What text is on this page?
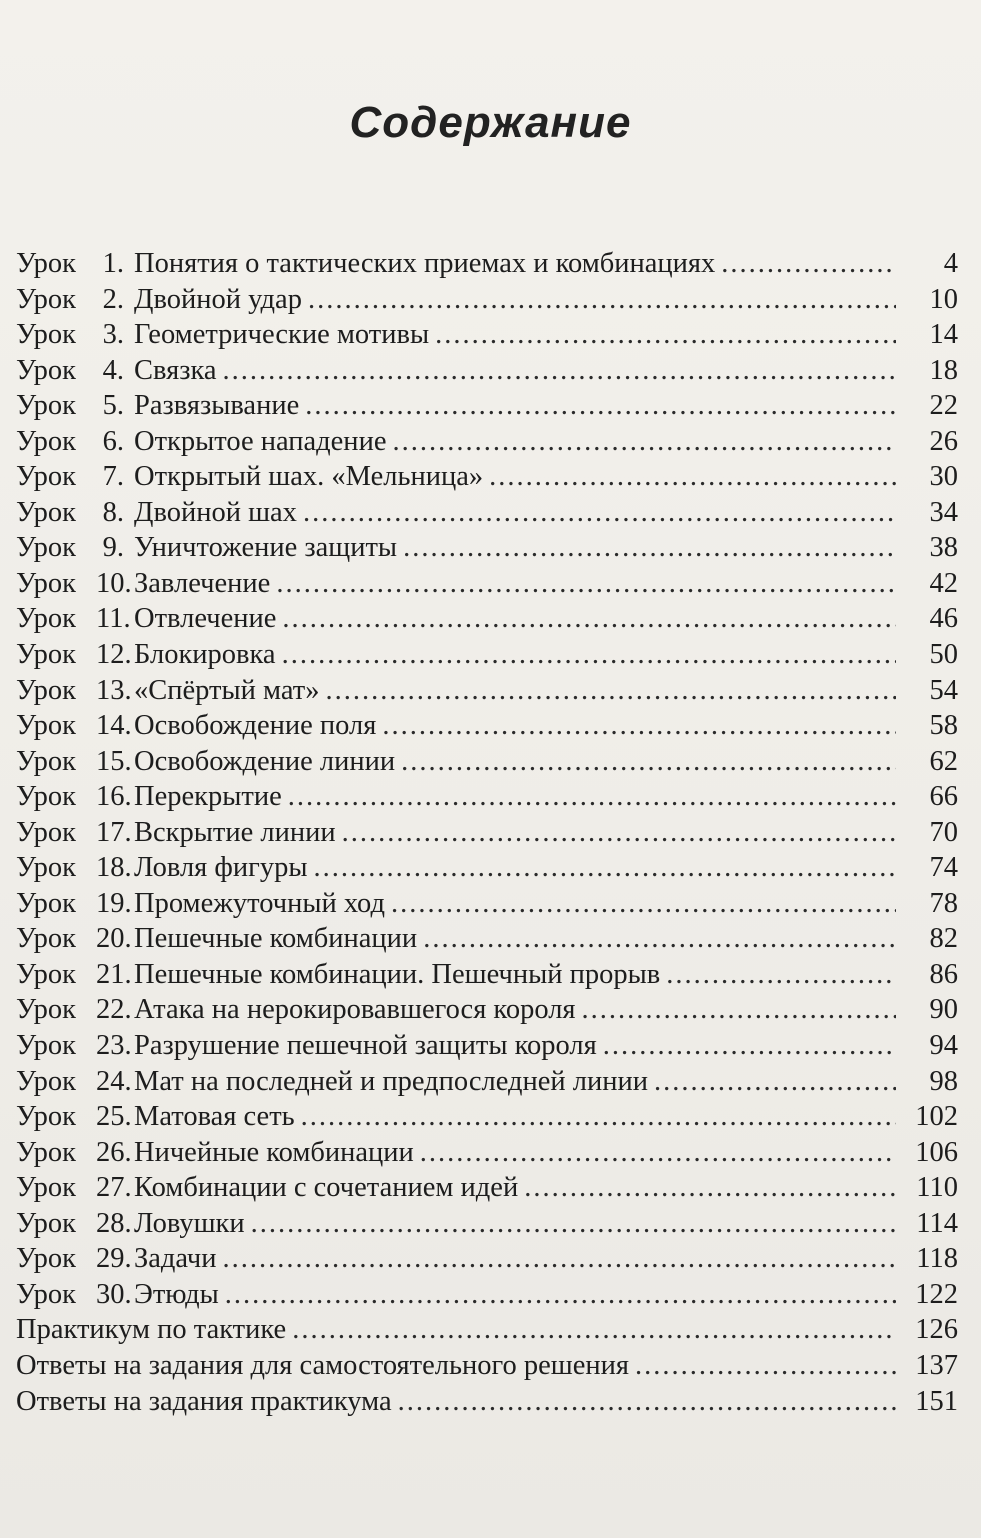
Содержание
Урок 1. Понятия о тактических приемах и комбинациях .....	4
Урок 2. Двойной удар .....	10
Урок 3. Геометрические мотивы .....	14
Урок 4. Связка .....	18
Урок 5. Развязывание .....	22
Урок 6. Открытое нападение .....	26
Урок 7. Открытый шах. «Мельница» .....	30
Урок 8. Двойной шах .....	34
Урок 9. Уничтожение защиты .....	38
Урок 10. Завлечение .....	42
Урок 11. Отвлечение .....	46
Урок 12. Блокировка .....	50
Урок 13. «Спёртый мат» .....	54
Урок 14. Освобождение поля .....	58
Урок 15. Освобождение линии .....	62
Урок 16. Перекрытие .....	66
Урок 17. Вскрытие линии .....	70
Урок 18. Ловля фигуры .....	74
Урок 19. Промежуточный ход .....	78
Урок 20. Пешечные комбинации .....	82
Урок 21. Пешечные комбинации. Пешечный прорыв .....	86
Урок 22. Атака на нерокировавшегося короля .....	90
Урок 23. Разрушение пешечной защиты короля .....	94
Урок 24. Мат на последней и предпоследней линии .....	98
Урок 25. Матовая сеть .....	102
Урок 26. Ничейные комбинации .....	106
Урок 27. Комбинации с сочетанием идей .....	110
Урок 28. Ловушки .....	114
Урок 29. Задачи .....	118
Урок 30. Этюды .....	122
Практикум по тактике .....	126
Ответы на задания для самостоятельного решения .....	137
Ответы на задания практикума .....	151
